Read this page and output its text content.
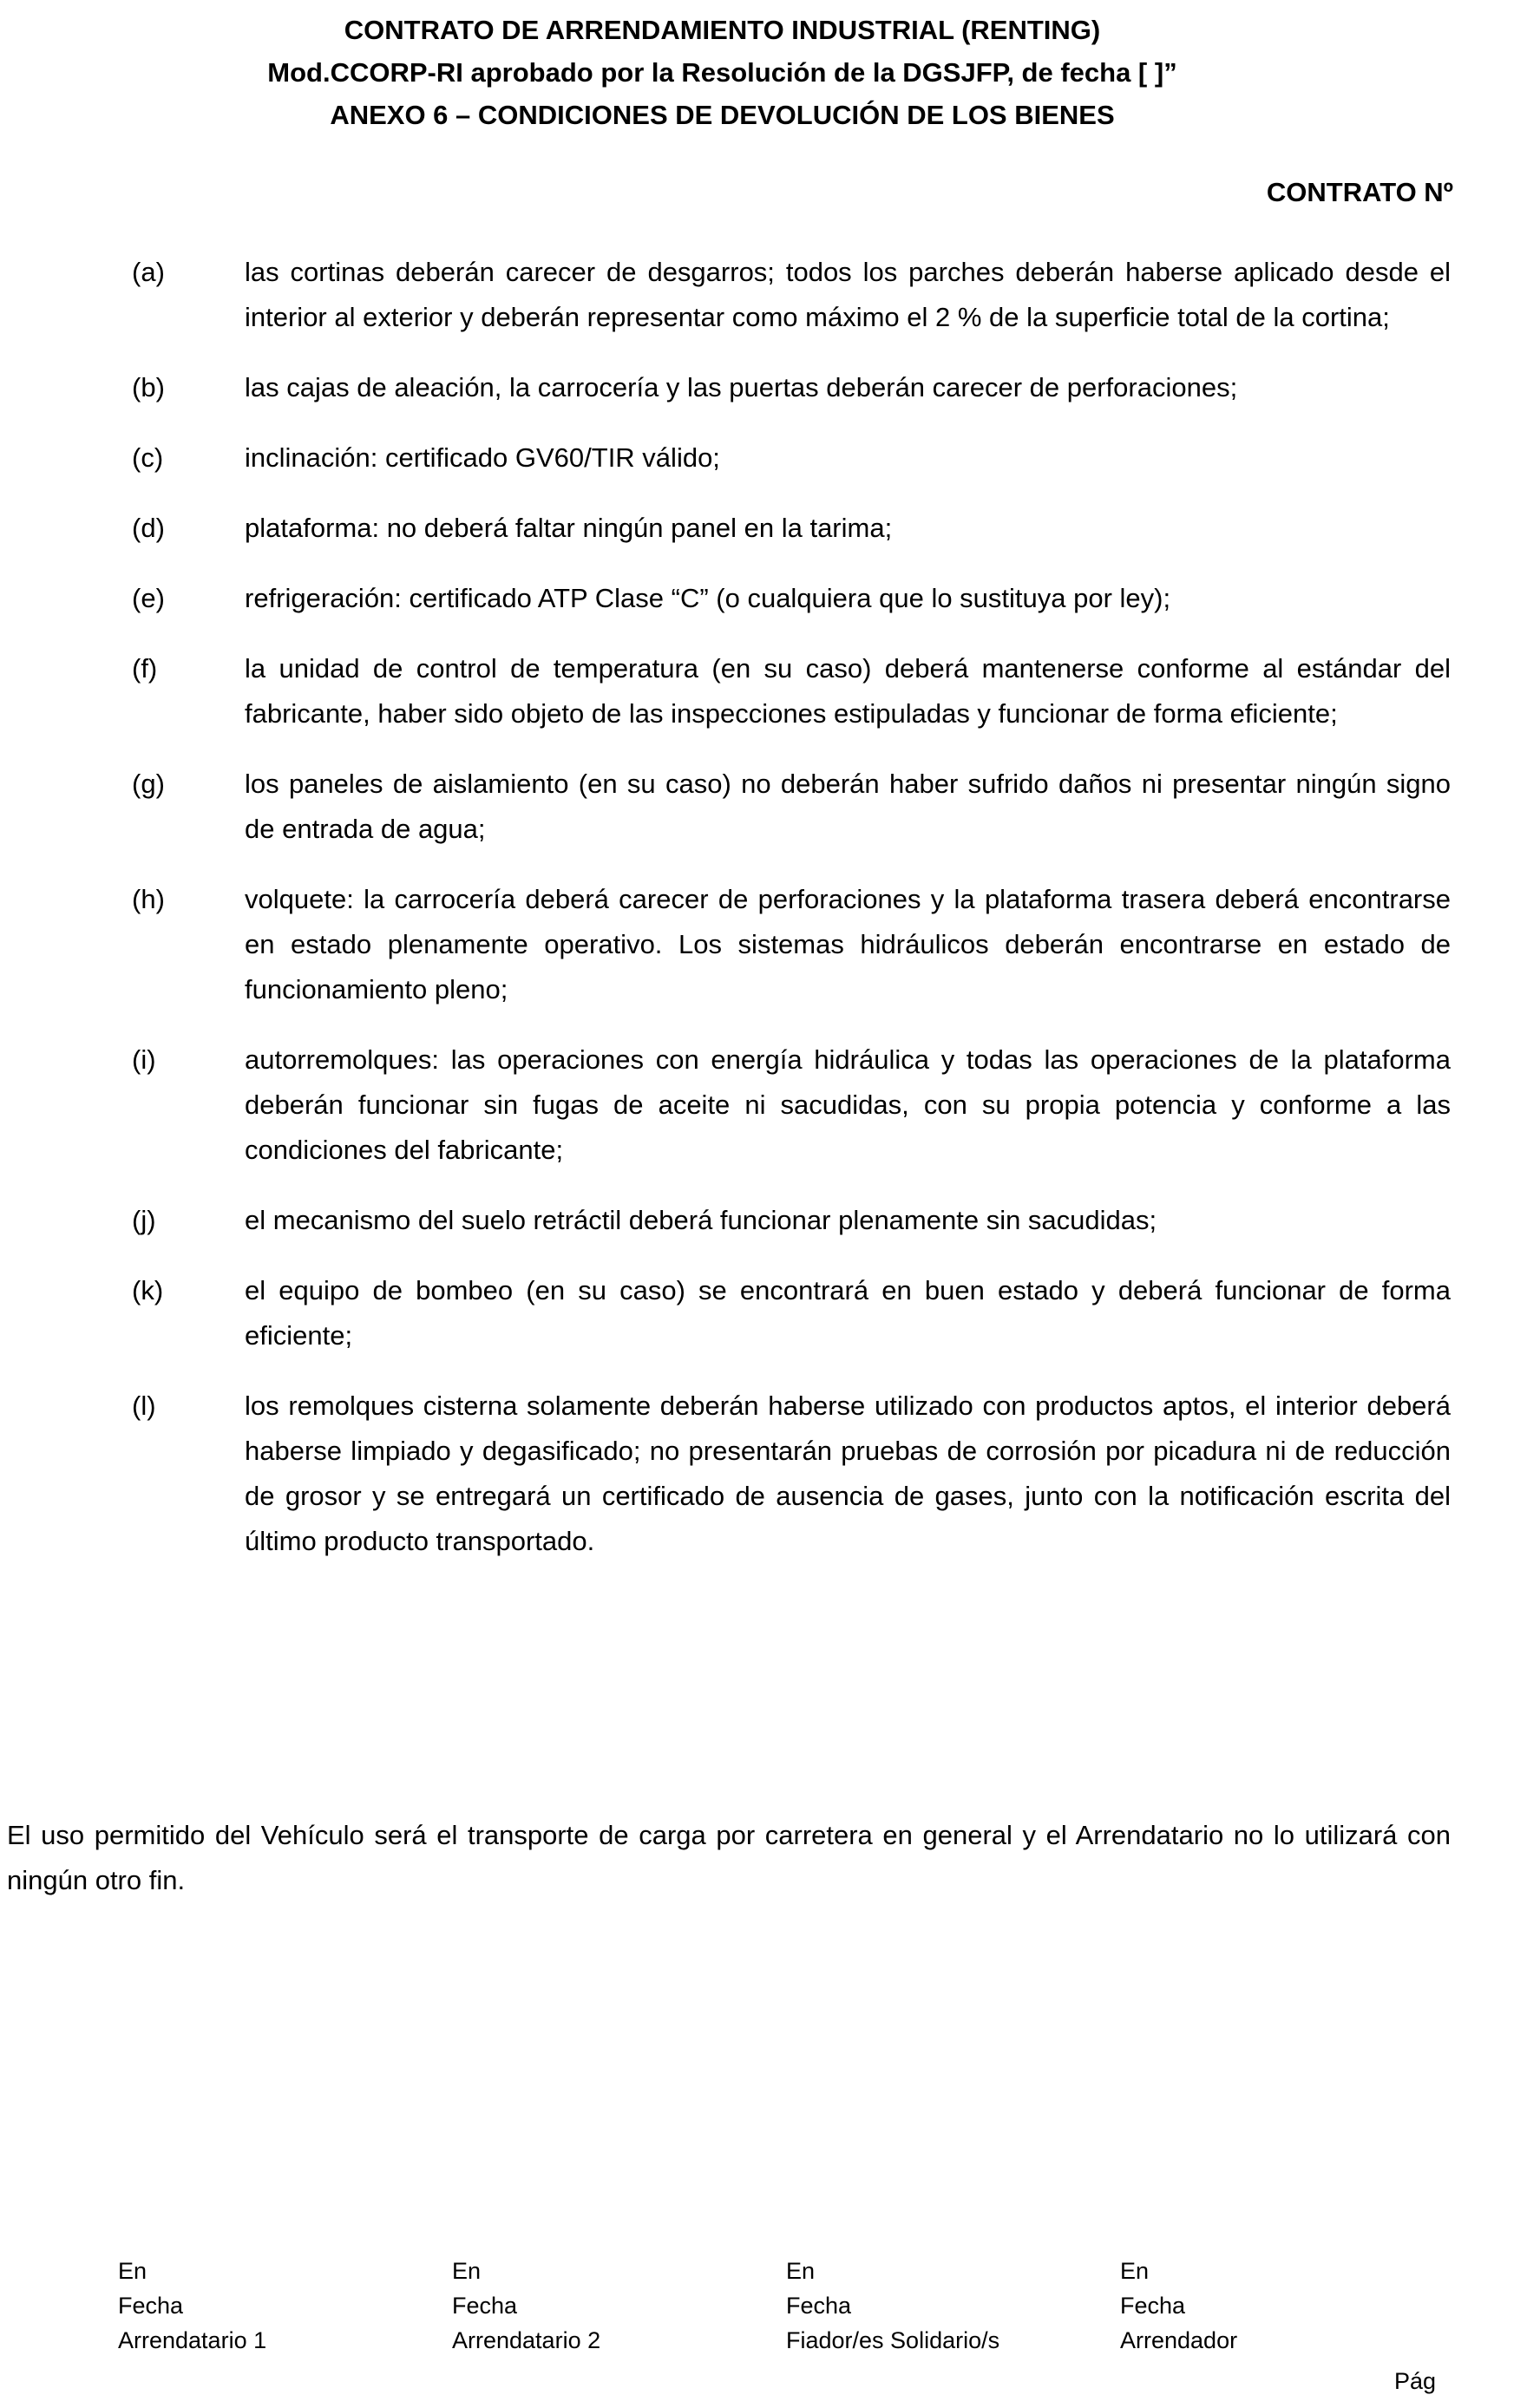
CONTRATO DE ARRENDAMIENTO INDUSTRIAL (RENTING)
Mod.CCORP-RI aprobado por la Resolución de la DGSJFP, de fecha [ ]”
ANEXO 6 – CONDICIONES DE DEVOLUCIÓN DE LOS BIENES
CONTRATO Nº
(a)	las cortinas deberán carecer de desgarros; todos los parches deberán haberse aplicado desde el interior al exterior y deberán representar como máximo el 2 % de la superficie total de la cortina;
(b)	las cajas de aleación, la carrocería y las puertas deberán carecer de perforaciones;
(c)	inclinación: certificado GV60/TIR válido;
(d)	plataforma: no deberá faltar ningún panel en la tarima;
(e)	refrigeración: certificado ATP Clase “C” (o cualquiera que lo sustituya por ley);
(f)	la unidad de control de temperatura (en su caso) deberá mantenerse conforme al estándar del fabricante, haber sido objeto de las inspecciones estipuladas y funcionar de forma eficiente;
(g)	los paneles de aislamiento (en su caso) no deberán haber sufrido daños ni presentar ningún signo de entrada de agua;
(h)	volquete: la carrocería deberá carecer de perforaciones y la plataforma trasera deberá encontrarse en estado plenamente operativo. Los sistemas hidráulicos deberán encontrarse en estado de funcionamiento pleno;
(i)	autorremolques: las operaciones con energía hidráulica y todas las operaciones de la plataforma deberán funcionar sin fugas de aceite ni sacudidas, con su propia potencia y conforme a las condiciones del fabricante;
(j)	el mecanismo del suelo retráctil deberá funcionar plenamente sin sacudidas;
(k)	el equipo de bombeo (en su caso) se encontrará en buen estado y deberá funcionar de forma eficiente;
(l)	los remolques cisterna solamente deberán haberse utilizado con productos aptos, el interior deberá haberse limpiado y degasificado; no presentarán pruebas de corrosión por picadura ni de reducción de grosor y se entregará un certificado de ausencia de gases, junto con la notificación escrita del último producto transportado.
El uso permitido del Vehículo será el transporte de carga por carretera en general y el Arrendatario no lo utilizará con ningún otro fin.
En
Fecha
Arrendatario 1
En
Fecha
Arrendatario 2
En
Fecha
Fiador/es Solidario/s
En
Fecha
Arrendador
Pág
